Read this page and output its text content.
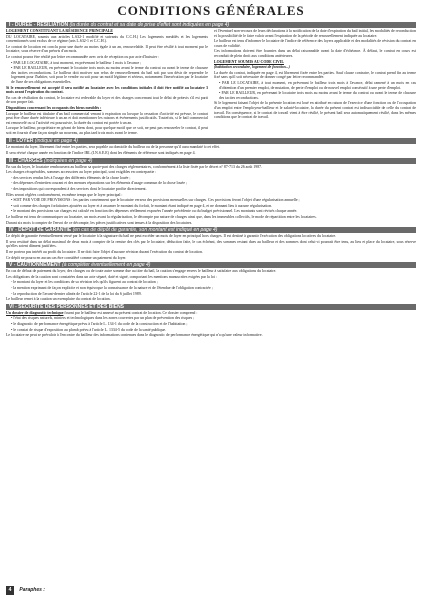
CONDITIONS GÉNÉRALES
I - DURÉE - RÉSILIATION (la durée du contrat et sa date de prise d'effet sont indiquées en page 4)

LOGEMENT CONSTITUANT LA RÉSIDENCE PRINCIPALE

DU LOCATAIRE, soumis aux articles L.632-1 modifié et suivants du C.C.H.) Les logements meublés et les logements conventionnés sont exclus de ce régime (arts L.632-1 et C.C.H.).

Le contrat de location est conclu pour une durée au moins égale à un an, renouvelable. Il peut être résilié à tout moment par le locataire, sous réserve d'un préavis d'un mois.

Le contrat pourra être résilié par lettre recommandée avec avis de réception ou par acte d'huissier :

• PAR LE LOCATAIRE, à tout moment, en prévenant le bailleur 1 mois à l'avance ;

• PAR LE BAILLEUR, en prévenant le locataire trois mois au moins avant le terme du contrat ou avant le terme de chacune des tacites reconductions. Le bailleur doit motiver son refus de renouvellement du bail soit par son désir de reprendre le logement pour l'habiter, soit pour le vendre ou soit pour un motif légitime et sérieux, notamment l'inexécution par le locataire de l'une de ses obligations essentielles.

Si le renouvellement est accepté il sera notifié au locataire avec les conditions initiales il doit être notifié au locataire 3 mois avant l'expiration du contrat.

En cas de résiliation du contrat, le locataire est redevable du loyer et des charges concernant tout le délai de préavis s'il est parti de son propre fait.

Dispositions concernant les occupants des biens meublés :

Lorsque le bailleur est titulaire d'un bail commercial venant à expiration ou lorsque la cessation d'activité est prévue, le contrat peut être d'une durée inférieure à un an et doit mentionner les raisons et événements justificatifs. Toutefois, si le bail commercial est renouvelé ou si l'activité est poursuivie, la durée du contrat est portée à un an.

Lorsque le bailleur, propriétaire en gérant de biens dont, pour quelque motif que ce soit, ne peut pas renouveler le contrat, il peut soit en fournir d'une façon simple un nouveau, au plus tard trois mois avant le terme.

et l'éventuel non-recours de leurs déclarations à la notification de la date d'expiration du bail initial, les modalités de reconduction et la possibilité de le faire valoir avant l'expiration de la période de renouvellement indiquée au locataire.

Le bailleur est tenu d'informer le locataire de l'indice de référence des loyers applicable et des modalités de révision du contrat en cours de validité.

Ces informations doivent être fournies dans un délai raisonnable avant la date d'échéance. À défaut, le contrat en cours est reconduit de plein droit aux conditions antérieures.

LOGEMENT SOUMIS AU CODE CIVIL

(habitation secondaire, logement de fonction...)

La durée du contrat, indiquée en page 4, est librement fixée entre les parties. Sauf clause contraire, le contrat prend fin au terme fixé sans qu'il soit nécessaire de donner congé par lettre recommandée.

• PAR LE LOCATAIRE, à tout moment, en prévenant le bailleur trois mois à l'avance, délai ramené à un mois en cas d'obtention d'un premier emploi, de mutation, de perte d'emploi ou de nouvel emploi consécutif à une perte d'emploi.

• PAR LE BAILLEUR, en prévenant le locataire trois mois au moins avant le terme du contrat ou avant le terme de chacune des tacites reconductions.

Si le logement faisant l'objet de la présente location est loué en attribué en raison de l'exercice d'une fonction ou de l'occupation d'un emploi entre l'employeur-bailleur et le salarié-locataire, la durée du présent contrat est indissociable de celle du contrat de travail. En conséquence, si le contrat de travail vient à être résilié, le présent bail sera automatiquement résilié, dans les mêmes conditions que le contrat de travail.

II - LOYER (indiqué en page 4)

Le montant du loyer, librement fixé entre les parties, sera payable au domicile du bailleur ou de la personne qu'il aura mandaté à cet effet.

Il sera révisé chaque année en fonction de l'indice IRL (I.N.S.E.E) dont les éléments de référence sont indiqués en page 4.

III - CHARGES (indiquées en page 4)

En sus du loyer, le locataire remboursera au bailleur sa quote-part des charges réglementaires, conformément à la liste fixée par le décret n° 87-713 du 26 août 1987.

Les charges récupérables, sommes accessoires au loyer principal, sont exigibles en contrepartie :

- des services rendus liés à l'usage des différents éléments de la chose louée ;

- des dépenses d'entretien courant et des menues réparations sur les éléments d'usage commun de la chose louée ;

- des impositions qui correspondent à des services dont le locataire profite directement.

Elles seront réglées conformément, en même temps que le loyer principal :

• SOIT PAR VOIE DE PROVISIONS : les parties conviennent que le locataire versera des provisions mensuelles sur charges. Ces provisions feront l'objet d'une régularisation annuelle ;

• soit comme des charges forfaitaires ajoutées au loyer et à assumer le montant du forfait, le montant étant indiqué en page 4, et ne donnant lieu à aucune régularisation.

• le montant des provisions sur charges est calculé en fonction des dépenses réellement exposées l'année précédente ou du budget prévisionnel. Les montants sont révisés chaque année.

Le bailleur est tenu de communiquer au locataire, un mois avant la régularisation, le décompte par nature de charges ainsi que, dans les immeubles collectifs, le mode de répartition entre les locataires.

Durant six mois à compter de l'envoi de ce décompte, les pièces justificatives sont tenues à la disposition des locataires.

IV - DÉPÔT DE GARANTIE (en cas de dépôt de garantie, son montant est indiqué en page 4)

Le dépôt de garantie éventuellement versé par le locataire à la signature du bail ne peut excéder un mois de loyer en principal hors charges. Il est destiné à garantir l'exécution des obligations locatives du locataire.

Il sera restitué dans un délai maximal de deux mois à compter de la remise des clés par le locataire, déduction faite, le cas échéant, des sommes restant dues au bailleur et des sommes dont celui-ci pourrait être tenu, au lieu et place du locataire, sous réserve qu'elles soient dûment justifiées.

Il ne portera pas intérêt au profit du locataire. Il ne doit faire l'objet d'aucune révision durant l'exécution du contrat de location.

Ce dépôt ne pourra en aucun cas être considéré comme un paiement du loyer.

V - CAUTIONNEMENT (à compléter éventuellement en page 4)

En cas de défaut de paiement du loyer, des charges ou de toute autre somme due au titre du bail, la caution s'engage envers le bailleur à satisfaire aux obligations du locataire.

Les obligations de la caution sont constatées dans un acte séparé, daté et signé, comportant les mentions manuscrites exigées par la loi :

- le montant du loyer et les conditions de sa révision tels qu'ils figurent au contrat de location ;

- la mention exprimant de façon explicite et non équivoque la connaissance de la nature et de l'étendue de l'obligation contractée ;

- la reproduction de l'avant-dernier alinéa de l'article 22-1 de la loi du 6 juillet 1989.

Le bailleur remet à la caution un exemplaire du contrat de location.

VI - SÉCURITÉ DES PERSONNES ET DES BIENS

Un dossier de diagnostic technique fourni par le bailleur est annexé au présent contrat de location. Ce dossier comprend :

• l'état des risques naturels, miniers et technologiques dans les zones couvertes par un plan de prévention des risques ;

• le diagnostic de performance énergétique prévu à l'article L. 134-1 du code de la construction et de l'habitation ;

• le constat de risque d'exposition au plomb prévu à l'article L. 1334-5 du code de la santé publique.

Le locataire ne peut se prévaloir à l'encontre du bailleur des informations contenues dans le diagnostic de performance énergétique qui n'a qu'une valeur informative.

4 Paraphes :
